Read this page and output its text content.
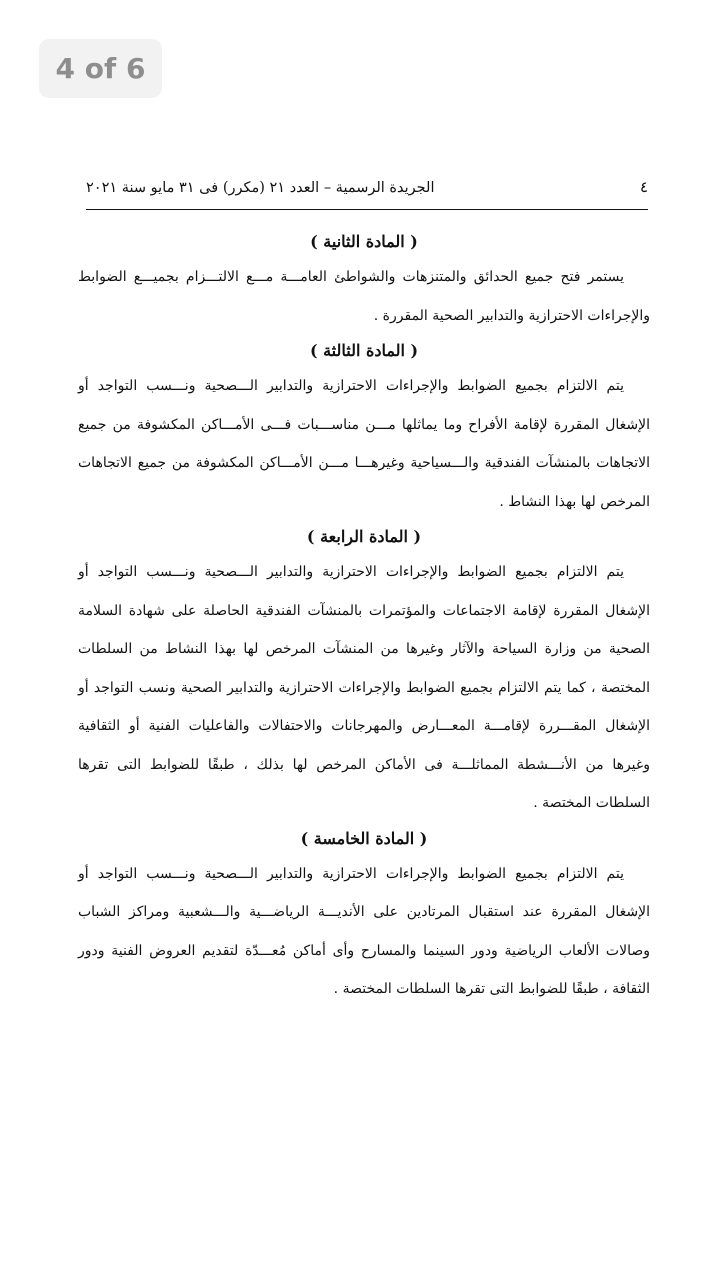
4 of 6
٤
الجريدة الرسمية – العدد ٢١ (مكرر) فى ٣١ مايو سنة ٢٠٢١
( المادة الثانية )

يستمر فتح جميع الحدائق والمتنزهات والشواطئ العامـــة مـــع الالتـــزام بجميـــع الضوابط والإجراءات الاحترازية والتدابير الصحية المقررة .

( المادة الثالثة )

يتم الالتزام بجميع الضوابط والإجراءات الاحترازية والتدابير الـــصحية ونـــسب التواجد أو الإشغال المقررة لإقامة الأفراح وما يماثلها مـــن مناســـبات فـــى الأمـــاكن المكشوفة من جميع الاتجاهات بالمنشآت الفندقية والـــسياحية وغيرهـــا مـــن الأمـــاكن المكشوفة من جميع الاتجاهات المرخص لها بهذا النشاط .

( المادة الرابعة )

يتم الالتزام بجميع الضوابط والإجراءات الاحترازية والتدابير الـــصحية ونـــسب التواجد أو الإشغال المقررة لإقامة الاجتماعات والمؤتمرات بالمنشآت الفندقية الحاصلة على شهادة السلامة الصحية من وزارة السياحة والآثار وغيرها من المنشآت المرخص لها بهذا النشاط من السلطات المختصة ، كما يتم الالتزام بجميع الضوابط والإجراءات الاحترازية والتدابير الصحية ونسب التواجد أو الإشغال المقـــررة لإقامـــة المعـــارض والمهرجانات والاحتفالات والفاعليات الفنية أو الثقافية وغيرها من الأنـــشطة المماثلـــة فى الأماكن المرخص لها بذلك ، طبقًا للضوابط التى تقرها السلطات المختصة .

( المادة الخامسة )

يتم الالتزام بجميع الضوابط والإجراءات الاحترازية والتدابير الـــصحية ونـــسب التواجد أو الإشغال المقررة عند استقبال المرتادين على الأنديـــة الرياضـــية والـــشعبية ومراكز الشباب وصالات الألعاب الرياضية ودور السينما والمسارح وأى أماكن مُعـــدّة لتقديم العروض الفنية ودور الثقافة ، طبقًا للضوابط التى تقرها السلطات المختصة .
